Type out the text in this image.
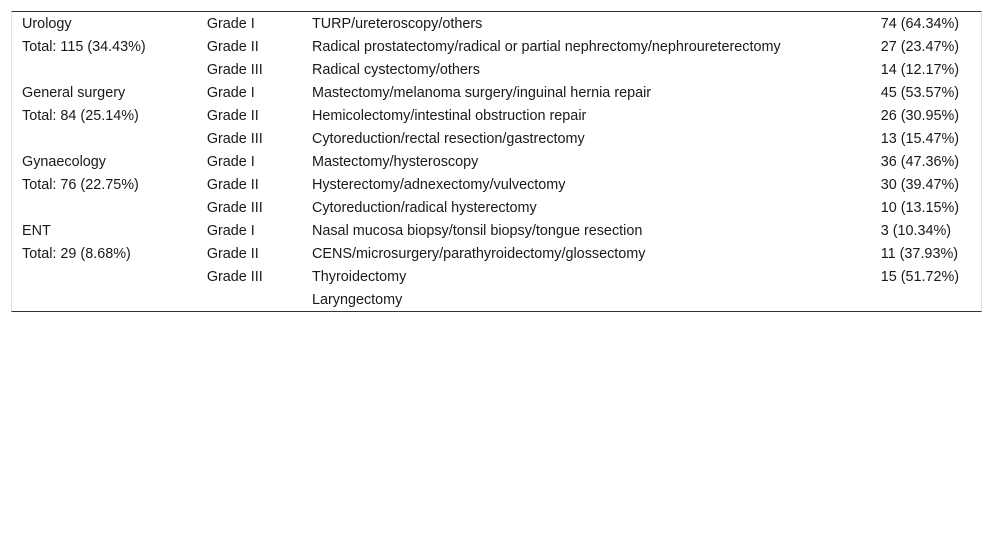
Urology	Grade I	TURP/ureteroscopy/others	74 (64.34%)
Total: 115 (34.43%)	Grade II	Radical prostatectomy/radical or partial nephrectomy/nephroureterectomy	27 (23.47%)
	Grade III	Radical cystectomy/others	14 (12.17%)
General surgery	Grade I	Mastectomy/melanoma surgery/inguinal hernia repair	45 (53.57%)
Total: 84 (25.14%)	Grade II	Hemicolectomy/intestinal obstruction repair	26 (30.95%)
	Grade III	Cytoreduction/rectal resection/gastrectomy	13 (15.47%)
Gynaecology	Grade I	Mastectomy/hysteroscopy	36 (47.36%)
Total: 76 (22.75%)	Grade II	Hysterectomy/adnexectomy/vulvectomy	30 (39.47%)
	Grade III	Cytoreduction/radical hysterectomy	10 (13.15%)
ENT	Grade I	Nasal mucosa biopsy/tonsil biopsy/tongue resection	3 (10.34%)
Total: 29 (8.68%)	Grade II	CENS/microsurgery/parathyroidectomy/glossectomy	11 (37.93%)
	Grade III	Thyroidectomy	15 (51.72%)
		Laryngectomy	
